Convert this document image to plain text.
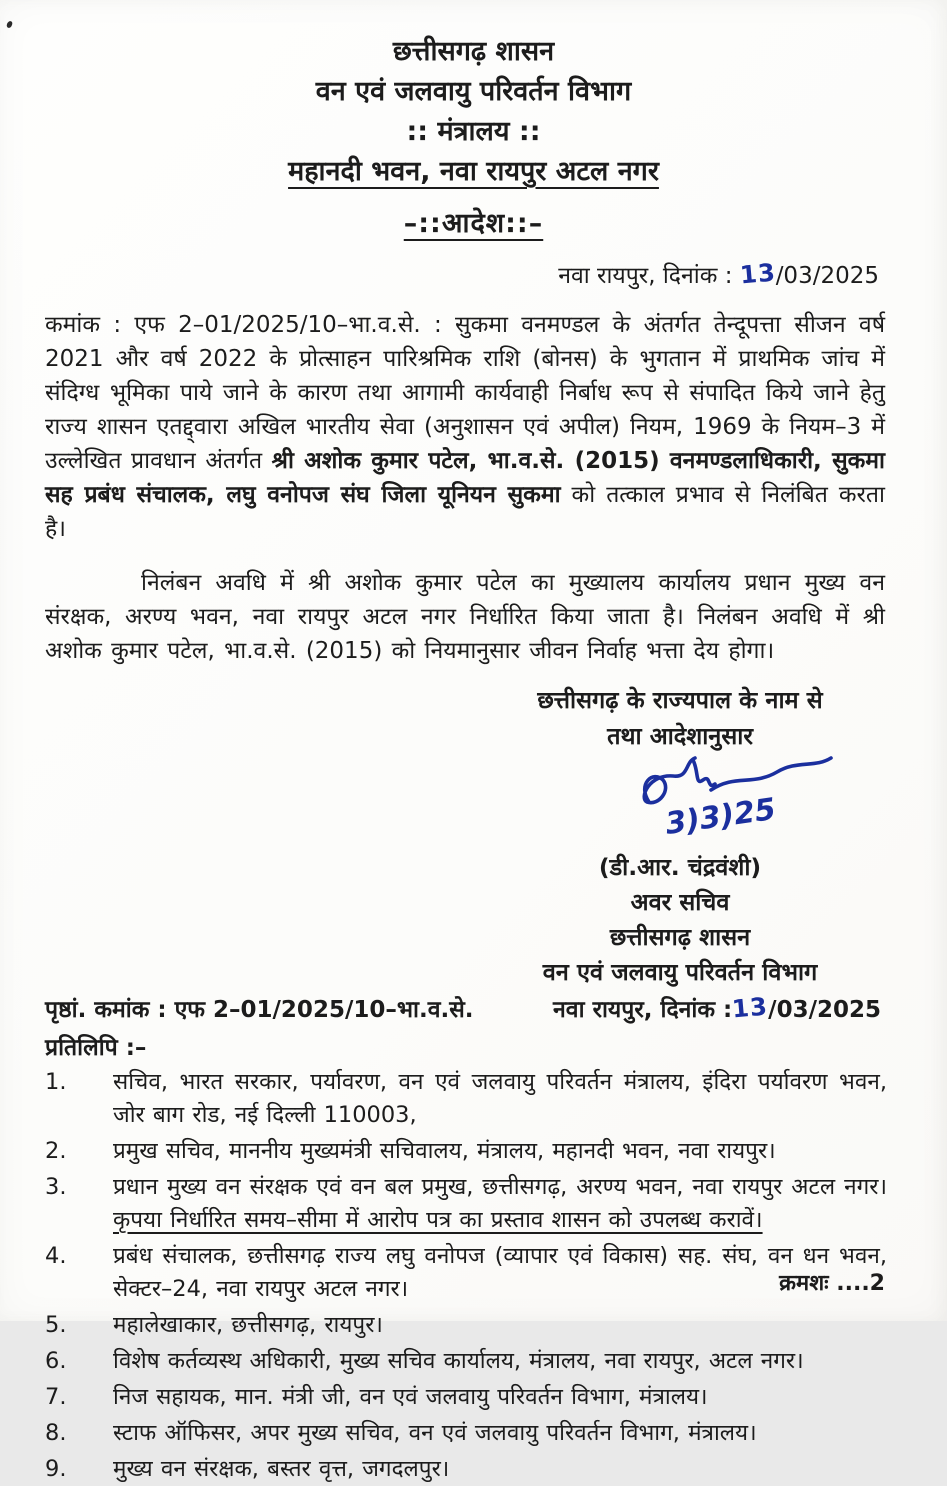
छत्तीसगढ़ शासन
वन एवं जलवायु परिवर्तन विभाग
:: मंत्रालय ::
महानदी भवन, नवा रायपुर अटल नगर
–::आदेश::–
नवा रायपुर, दिनांक : 13/03/2025
कमांक : एफ 2–01/2025/10–भा.व.से. : सुकमा वनमण्डल के अंतर्गत तेन्दूपत्ता सीजन वर्ष 2021 और वर्ष 2022 के प्रोत्साहन पारिश्रमिक राशि (बोनस) के भुगतान में प्राथमिक जांच में संदिग्ध भूमिका पाये जाने के कारण तथा आगामी कार्यवाही निर्बाध रूप से संपादित किये जाने हेतु राज्य शासन एतद्द्वारा अखिल भारतीय सेवा (अनुशासन एवं अपील) नियम, 1969 के नियम–3 में उल्लेखित प्रावधान अंतर्गत श्री अशोक कुमार पटेल, भा.व.से. (2015) वनमण्डलाधिकारी, सुकमा सह प्रबंध संचालक, लघु वनोपज संघ जिला यूनियन सुकमा को तत्काल प्रभाव से निलंबित करता है।
निलंबन अवधि में श्री अशोक कुमार पटेल का मुख्यालय कार्यालय प्रधान मुख्य वन संरक्षक, अरण्य भवन, नवा रायपुर अटल नगर निर्धारित किया जाता है। निलंबन अवधि में श्री अशोक कुमार पटेल, भा.व.से. (2015) को नियमानुसार जीवन निर्वाह भत्ता देय होगा।
छत्तीसगढ़ के राज्यपाल के नाम से
तथा आदेशानुसार
3)3)25
(डी.आर. चंद्रवंशी)
अवर सचिव
छत्तीसगढ़ शासन
वन एवं जलवायु परिवर्तन विभाग
पृष्ठां. कमांक : एफ 2–01/2025/10–भा.व.से.	नवा रायपुर, दिनांक :13/03/2025
प्रतिलिपि :–
1.	सचिव, भारत सरकार, पर्यावरण, वन एवं जलवायु परिवर्तन मंत्रालय, इंदिरा पर्यावरण भवन, जोर बाग रोड, नई दिल्ली 110003,
2.	प्रमुख सचिव, माननीय मुख्यमंत्री सचिवालय, मंत्रालय, महानदी भवन, नवा रायपुर।
3.	प्रधान मुख्य वन संरक्षक एवं वन बल प्रमुख, छत्तीसगढ़, अरण्य भवन, नवा रायपुर अटल नगर। कृपया निर्धारित समय–सीमा में आरोप पत्र का प्रस्ताव शासन को उपलब्ध करावें।
4.	प्रबंध संचालक, छत्तीसगढ़ राज्य लघु वनोपज (व्यापार एवं विकास) सह. संघ, वन धन भवन, सेक्टर–24, नवा रायपुर अटल नगर।
5.	महालेखाकार, छत्तीसगढ़, रायपुर।
6.	विशेष कर्तव्यस्थ अधिकारी, मुख्य सचिव कार्यालय, मंत्रालय, नवा रायपुर, अटल नगर।
7.	निज सहायक, मान. मंत्री जी, वन एवं जलवायु परिवर्तन विभाग, मंत्रालय।
8.	स्टाफ ऑफिसर, अपर मुख्य सचिव, वन एवं जलवायु परिवर्तन विभाग, मंत्रालय।
9.	मुख्य वन संरक्षक, बस्तर वृत्त, जगदलपुर।
क्रमशः ....2
